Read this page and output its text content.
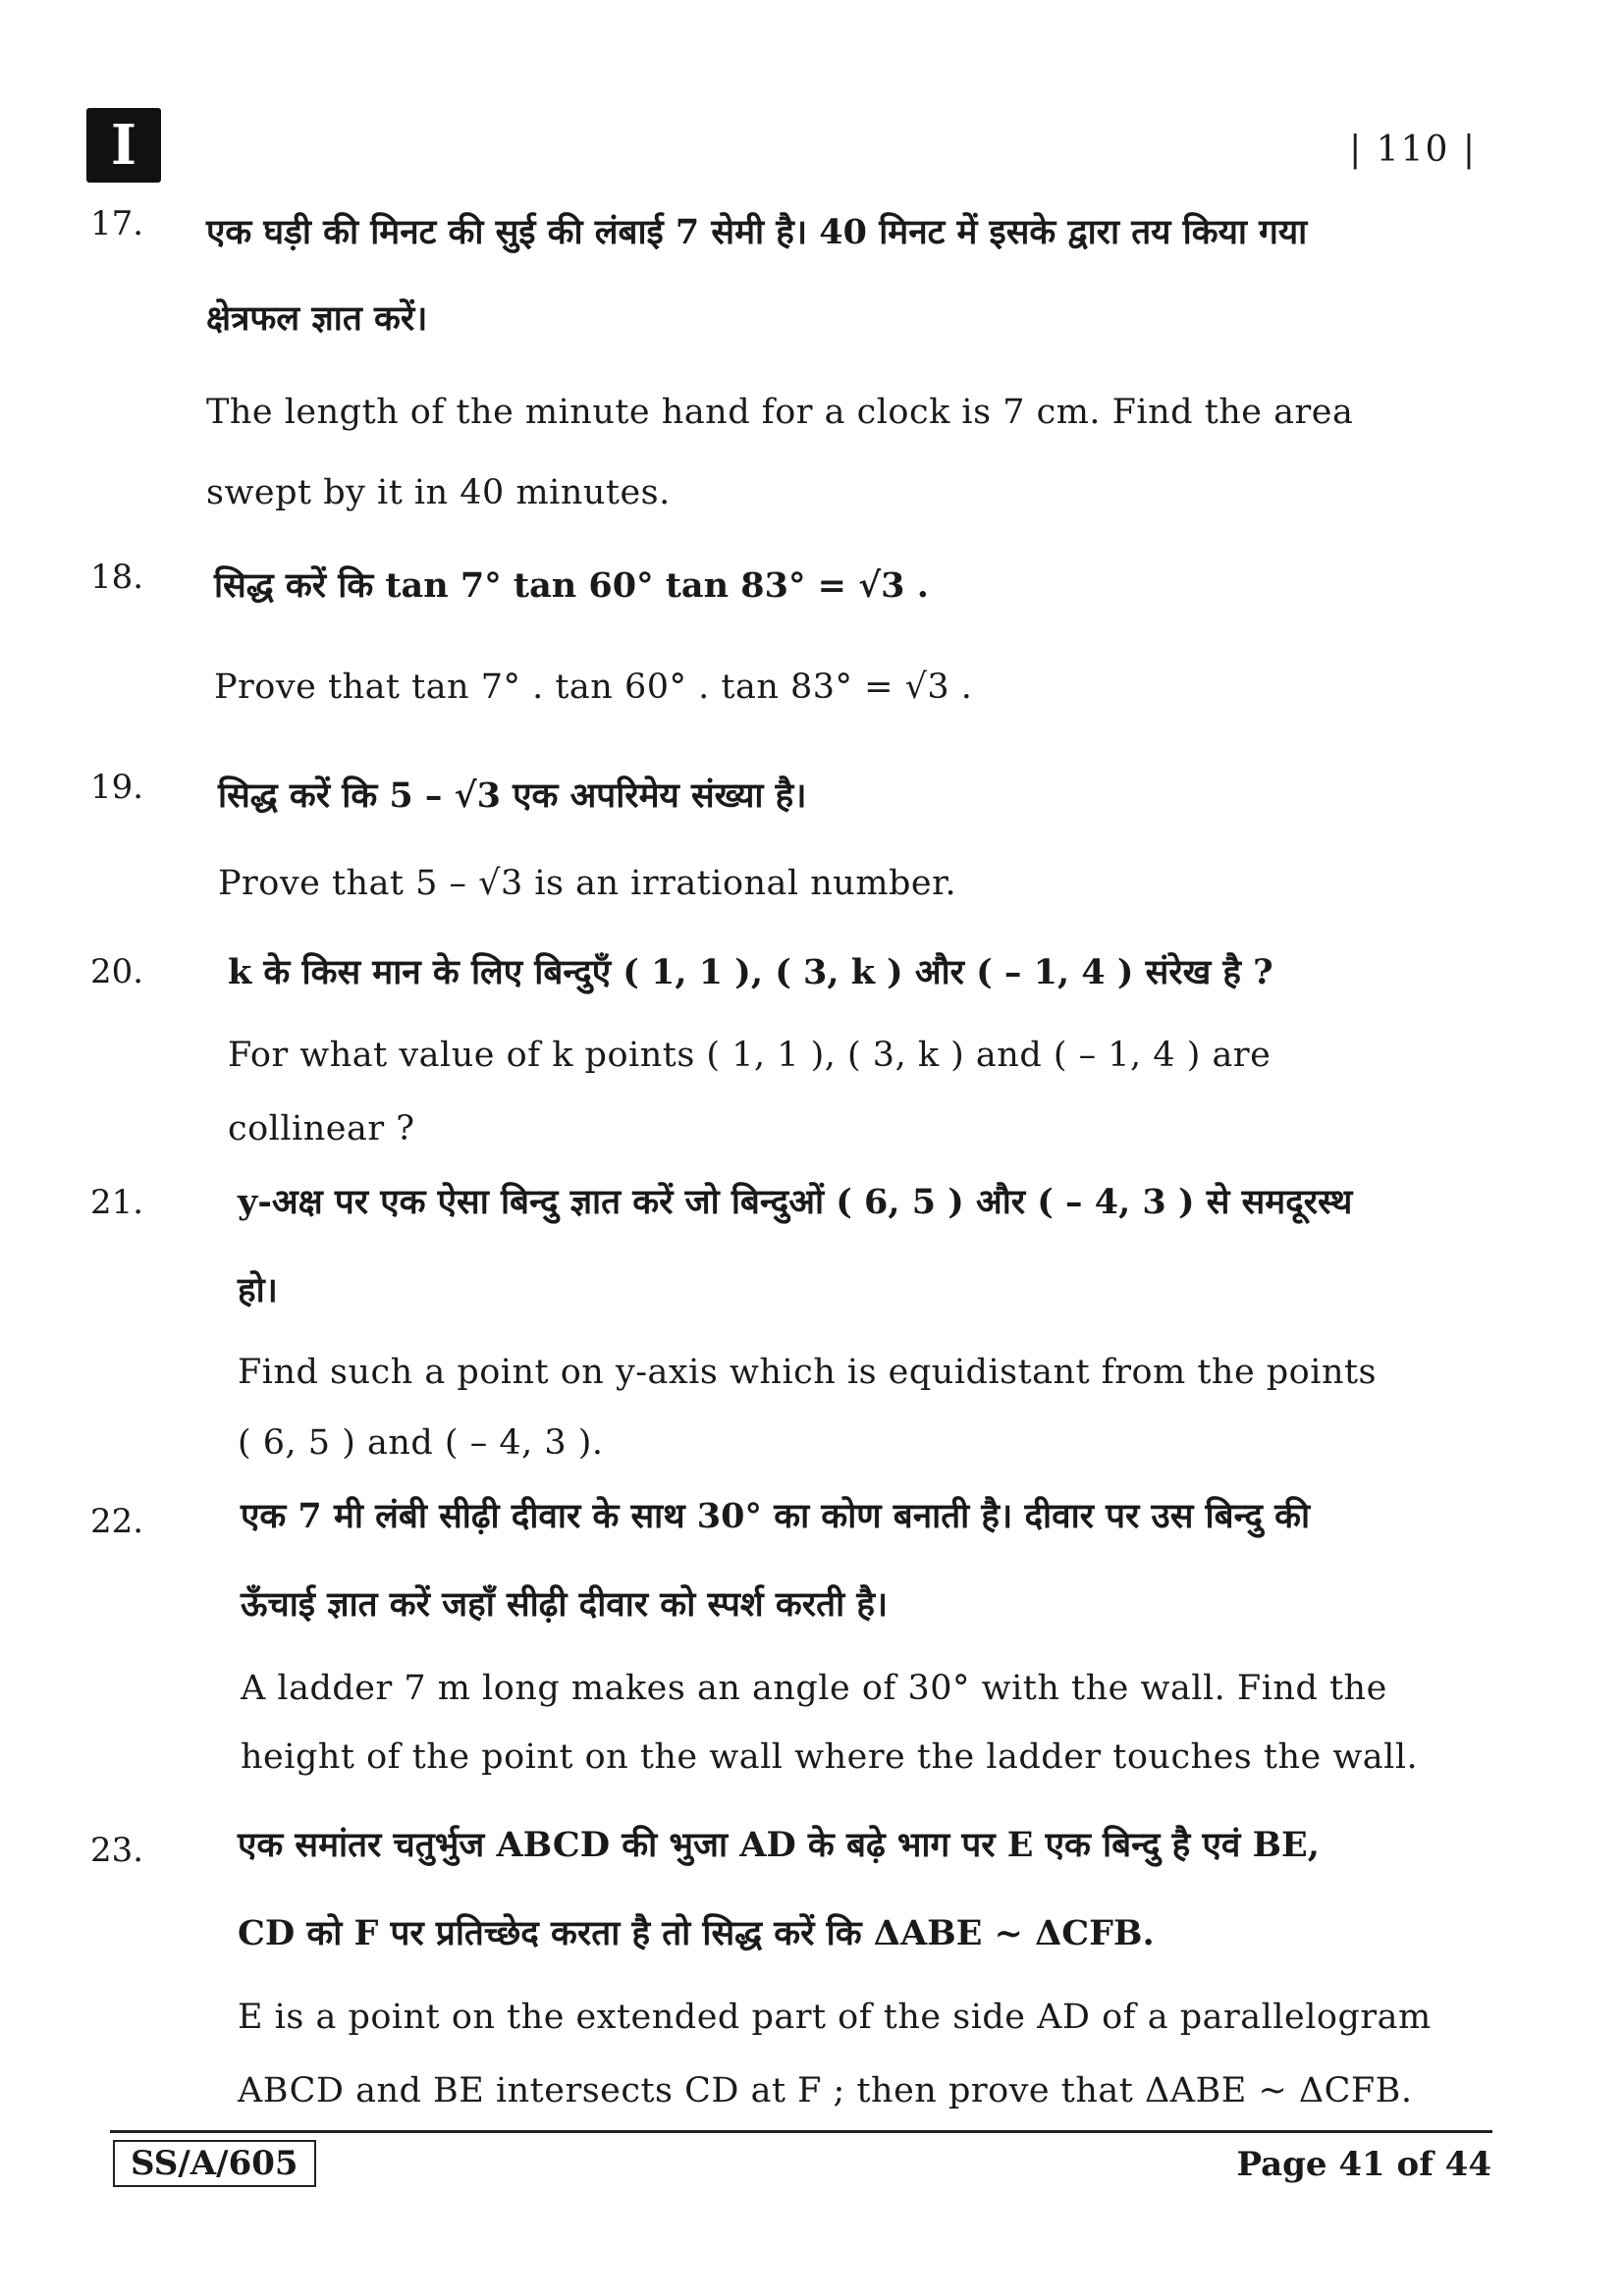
I	| 110 |
17. एक घड़ी की मिनट की सुई की लंबाई 7 सेमी है। 40 मिनट में इसके द्वारा तय किया गया
क्षेत्रफल ज्ञात करें।
The length of the minute hand for a clock is 7 cm. Find the area
swept by it in 40 minutes.
18. सिद्ध करें कि tan 7° tan 60° tan 83° = √3 .
Prove that tan 7° . tan 60° . tan 83° = √3 .
19. सिद्ध करें कि 5 – √3 एक अपरिमेय संख्या है।
Prove that 5 – √3 is an irrational number.
20. k के किस मान के लिए बिन्दुएँ ( 1, 1 ), ( 3, k ) और ( – 1, 4 ) संरेख है ?
For what value of k points ( 1, 1 ), ( 3, k ) and ( – 1, 4 ) are
collinear ?
21.	y-अक्ष पर एक ऐसा बिन्दु ज्ञात करें जो बिन्दुओं ( 6, 5 ) और ( – 4, 3 ) से समदूरस्थ
हो।
Find such a point on y-axis which is equidistant from the points
( 6, 5 ) and ( – 4, 3 ).
22.	एक 7 मी लंबी सीढ़ी दीवार के साथ 30° का कोण बनाती है। दीवार पर उस बिन्दु की
ऊँचाई ज्ञात करें जहाँ सीढ़ी दीवार को स्पर्श करती है।
A ladder 7 m long makes an angle of 30° with the wall. Find the
height of the point on the wall where the ladder touches the wall.
23.	एक समांतर चतुर्भुज ABCD की भुजा AD के बढ़े भाग पर E एक बिन्दु है एवं BE,
CD को F पर प्रतिच्छेद करता है तो सिद्ध करें कि ΔABE ~ ΔCFB.
E is a point on the extended part of the side AD of a parallelogram
ABCD and BE intersects CD at F ; then prove that ΔABE ~ ΔCFB.
SS/A/605	Page 41 of 44
